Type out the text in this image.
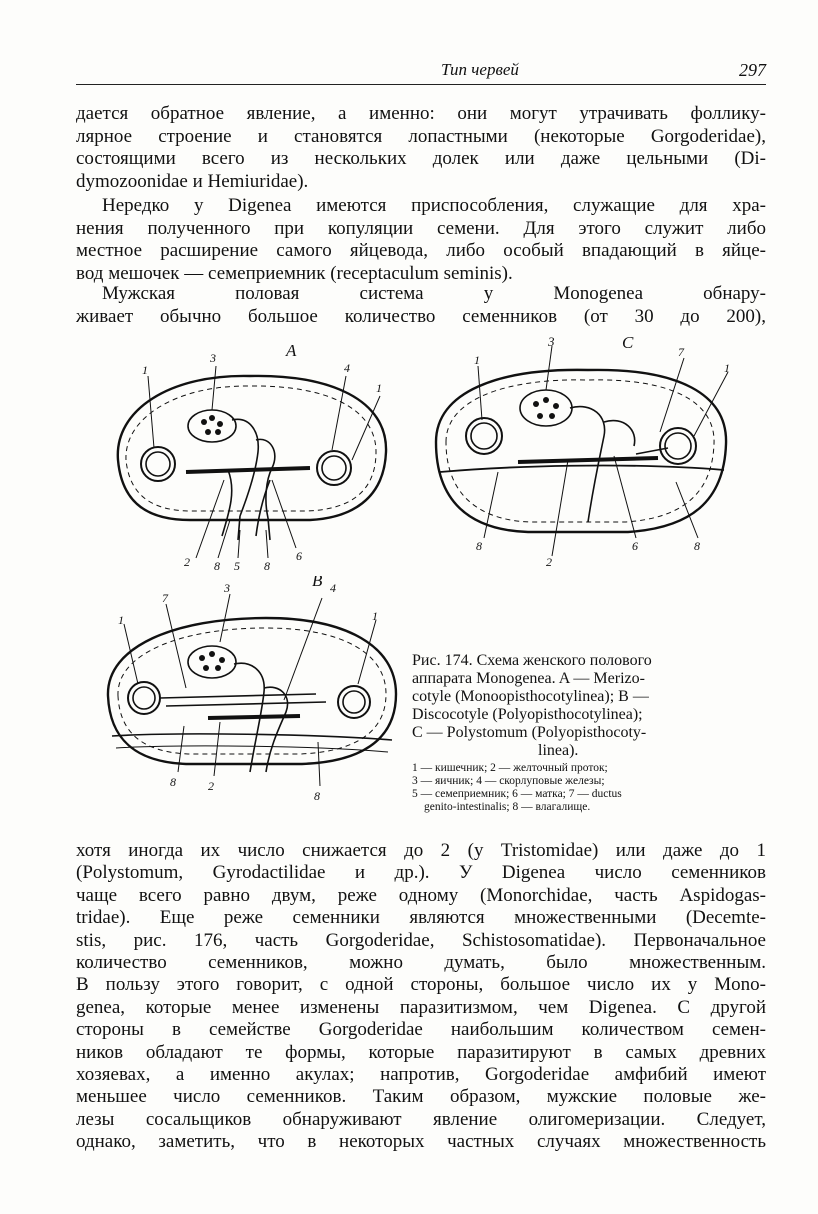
Тип червей	297

дается обратное явление, а именно: они могут утрачивать фоллику-
лярное строение и становятся лопастными (некоторые Gorgoderidae),
состоящими всего из нескольких долек или даже цельными (Di-
dymozoonidae и Hemiuridae).

Нередко у Digenea имеются приспособления, служащие для хра-
нения полученного при копуляции семени. Для этого служит либо
местное расширение самого яйцевода, либо особый впадающий в яйце-
вод мешочек — семеприемник (receptaculum seminis).

Мужская половая система у Monogenea обнару-
живает обычно большое количество семенников (от 30 до 200),

A
1
3
4
1
2 8 5 8
6
C
3
1
7
1
8
2
6	8
B
7
3	4
1
1
8	2
8
Рис. 174. Схема женского полового
аппарата Monogenea. A — Merizo-
cotyle (Monoopisthocotylinea); B —
Discocotyle (Polyopisthocotylinea);
C — Polystomum (Polyopisthocoty-
linea).
1 — кишечник; 2 — желточный проток;
3 — яичник; 4 — скорлуповые железы;
5 — семеприемник; 6 — матка; 7 — ductus
genito-intestinalis; 8 — влагалище.

хотя иногда их число снижается до 2 (у Tristomidae) или даже до 1
(Polystomum, Gyrodactilidae и др.). У Digenea число семенников
чаще всего равно двум, реже одному (Monorchidae, часть Aspidogas-
tridae). Еще реже семенники являются множественными (Decemte-
stis, рис. 176, часть Gorgoderidae, Schistosomatidae). Первоначальное
количество семенников, можно думать, было множественным.
В пользу этого говорит, с одной стороны, большое число их у Mono-
genea, которые менее изменены паразитизмом, чем Digenea. С другой
стороны в семействе Gorgoderidae наибольшим количеством семен-
ников обладают те формы, которые паразитируют в самых древних
хозяевах, а именно акулах; напротив, Gorgoderidae амфибий имеют
меньшее число семенников. Таким образом, мужские половые же-
лезы сосальщиков обнаруживают явление олигомеризации. Следует,
однако, заметить, что в некоторых частных случаях множественность
